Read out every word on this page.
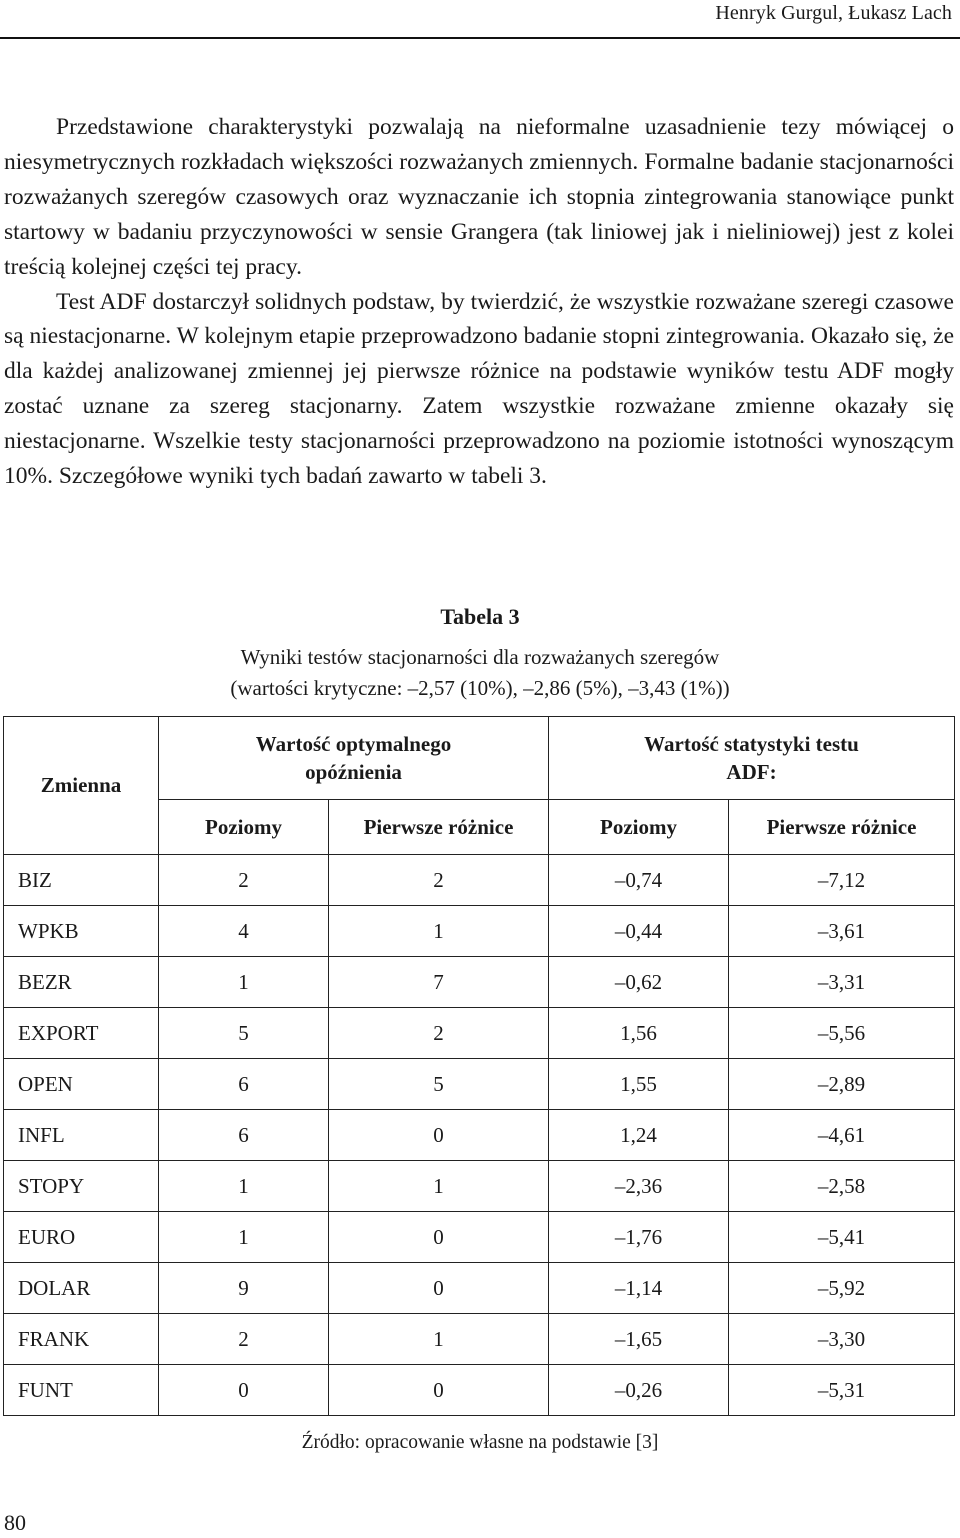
Henryk Gurgul, Łukasz Lach

Przedstawione charakterystyki pozwalają na nieformalne uzasadnienie tezy mówiącej o niesymetrycznych rozkładach większości rozważanych zmiennych. Formalne badanie stacjonarności rozważanych szeregów czasowych oraz wyznaczanie ich stopnia zintegrowania stanowiące punkt startowy w badaniu przyczynowości w sensie Grangera (tak liniowej jak i nieliniowej) jest z kolei treścią kolejnej części tej pracy.

Test ADF dostarczył solidnych podstaw, by twierdzić, że wszystkie rozważane szeregi czasowe są niestacjonarne. W kolejnym etapie przeprowadzono badanie stopni zintegrowania. Okazało się, że dla każdej analizowanej zmiennej jej pierwsze różnice na podstawie wyników testu ADF mogły zostać uznane za szereg stacjonarny. Zatem wszystkie rozważane zmienne okazały się niestacjonarne. Wszelkie testy stacjonarności przeprowadzono na poziomie istotności wynoszącym 10%. Szczegółowe wyniki tych badań zawarto w tabeli 3.

Tabela 3
Wyniki testów stacjonarności dla rozważanych szeregów
(wartości krytyczne: –2,57 (10%), –2,86 (5%), –3,43 (1%))
Zmienna	Wartość optymalnego opóźnienia		Wartość statystyki testu ADF:	

	Poziomy	Pierwsze różnice	Poziomy	Pierwsze różnice
BIZ	2	2	–0,74	–7,12
WPKB	4	1	–0,44	–3,61
BEZR	1	7	–0,62	–3,31
EXPORT	5	2	1,56	–5,56
OPEN	6	5	1,55	–2,89
INFL	6	0	1,24	–4,61
STOPY	1	1	–2,36	–2,58
EURO	1	0	–1,76	–5,41
DOLAR	9	0	–1,14	–5,92
FRANK	2	1	–1,65	–3,30
FUNT	0	0	–0,26	–5,31
Źródło: opracowanie własne na podstawie [3]
80
